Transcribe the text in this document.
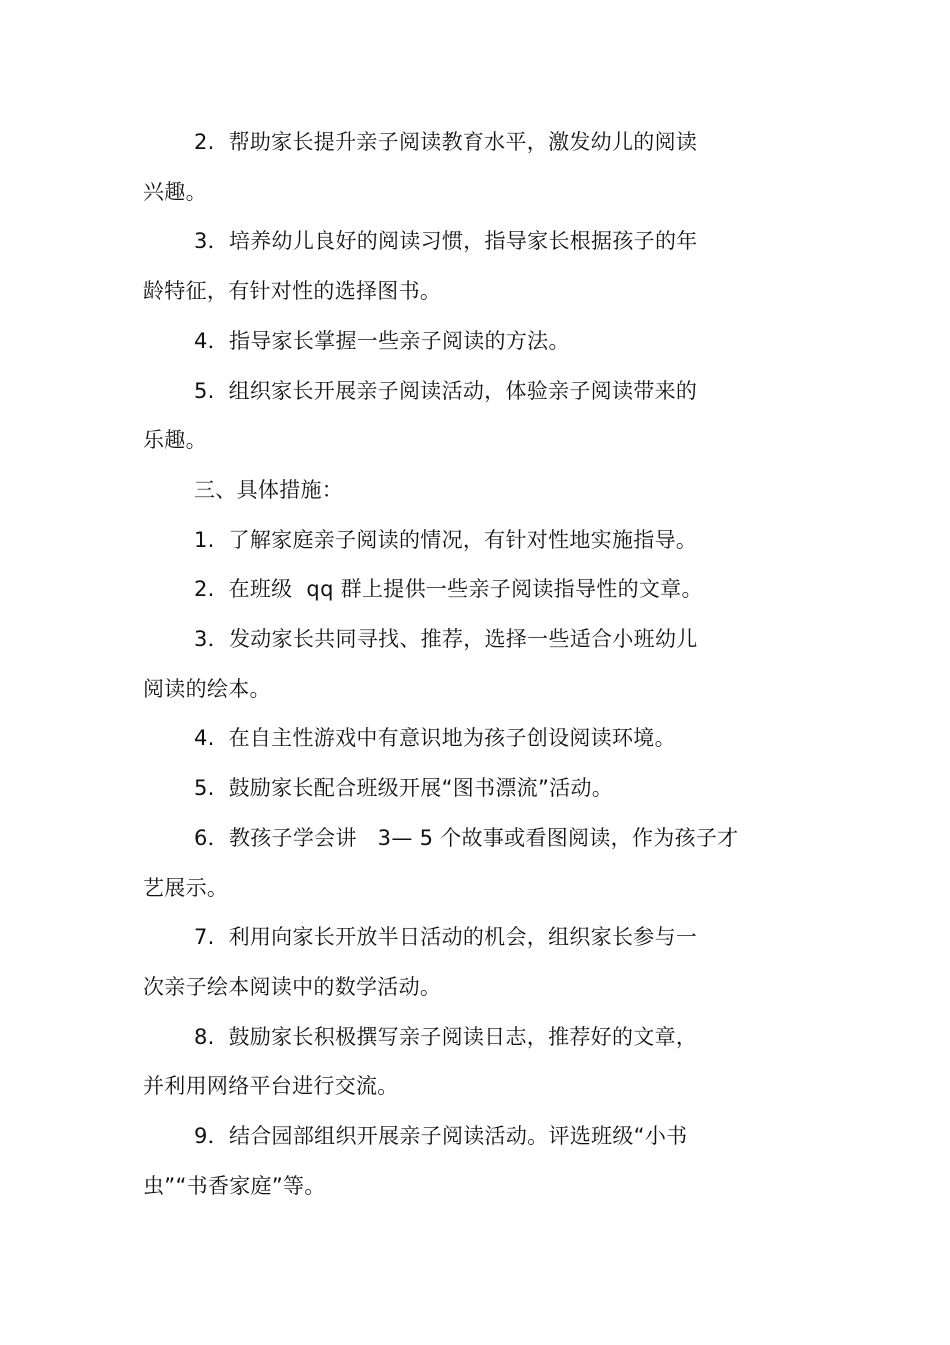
2.  帮助家长提升亲子阅读教育水平，激发幼儿的阅读
兴趣。

3．培养幼儿良好的阅读习惯，指导家长根据孩子的年
龄特征，有针对性的选择图书。

4．指导家长掌握一些亲子阅读的方法。

5.  组织家长开展亲子阅读活动，体验亲子阅读带来的
乐趣。

三、具体措施：

1.  了解家庭亲子阅读的情况，有针对性地实施指导。

2.  在班级  qq 群上提供一些亲子阅读指导性的文章。

3．发动家长共同寻找、推荐，选择一些适合小班幼儿
阅读的绘本。

4.  在自主性游戏中有意识地为孩子创设阅读环境。

5.  鼓励家长配合班级开展“图书漂流”活动。

6．教孩子学会讲   3— 5 个故事或看图阅读，作为孩子才
艺展示。

7.  利用向家长开放半日活动的机会，组织家长参与一
次亲子绘本阅读中的数学活动。

8.  鼓励家长积极撰写亲子阅读日志，推荐好的文章，
并利用网络平台进行交流。

9．结合园部组织开展亲子阅读活动。评选班级“小书
虫”“书香家庭”等。
